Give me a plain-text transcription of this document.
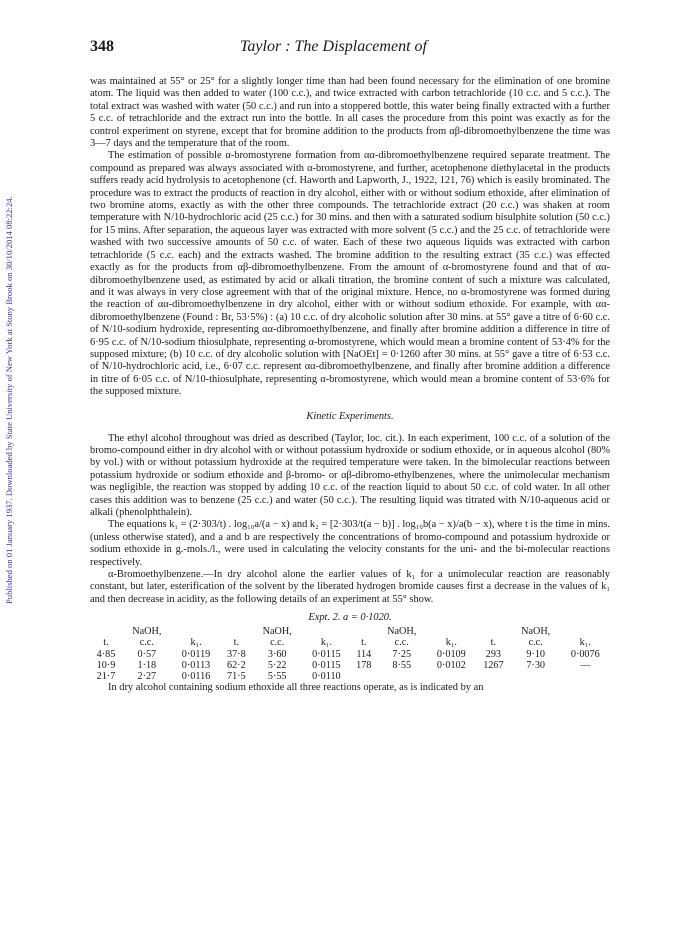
Published on 01 January 1937. Downloaded by State University of New York at Stony Brook on 30/10/2014 08:22:24.
348	Taylor : The Displacement of

was maintained at 55° or 25° for a slightly longer time than had been found necessary for the elimination of one bromine atom. The liquid was then added to water (100 c.c.), and twice extracted with carbon tetrachloride (10 c.c. and 5 c.c.). The total extract was washed with water (50 c.c.) and run into a stoppered bottle, this water being finally extracted with a further 5 c.c. of tetrachloride and the extract run into the bottle. In all cases the procedure from this point was exactly as for the control experiment on styrene, except that for bromine addition to the products from αβ-dibromoethylbenzene the time was 3—7 days and the temperature that of the room.

The estimation of possible α-bromostyrene formation from αα-dibromoethylbenzene required separate treatment. The compound as prepared was always associated with α-bromostyrene, and further, acetophenone diethylacetal in the products suffers ready acid hydrolysis to acetophenone (cf. Haworth and Lapworth, J., 1922, 121, 76) which is easily brominated. The procedure was to extract the products of reaction in dry alcohol, either with or without sodium ethoxide, after elimination of two bromine atoms, exactly as with the other three compounds. The tetrachloride extract (20 c.c.) was shaken at room temperature with N/10-hydrochloric acid (25 c.c.) for 30 mins. and then with a saturated sodium bisulphite solution (50 c.c.) for 15 mins. After separation, the aqueous layer was extracted with more solvent (5 c.c.) and the 25 c.c. of tetrachloride were washed with two successive amounts of 50 c.c. of water. Each of these two aqueous liquids was extracted with carbon tetrachloride (5 c.c. each) and the extracts washed. The bromine addition to the resulting extract (35 c.c.) was effected exactly as for the products from αβ-dibromoethylbenzene. From the amount of α-bromostyrene found and that of αα-dibromoethylbenzene used, as estimated by acid or alkali titration, the bromine content of such a mixture was calculated, and it was always in very close agreement with that of the original mixture. Hence, no α-bromostyrene was formed during the reaction of αα-dibromoethylbenzene in dry alcohol, either with or without sodium ethoxide. For example, with αα-dibromoethylbenzene (Found : Br, 53·5%) : (a) 10 c.c. of dry alcoholic solution after 30 mins. at 55° gave a titre of 6·60 c.c. of N/10-sodium hydroxide, representing αα-dibromoethylbenzene, and finally after bromine addition a difference in titre of 6·95 c.c. of N/10-sodium thiosulphate, representing α-bromostyrene, which would mean a bromine content of 53·4% for the supposed mixture; (b) 10 c.c. of dry alcoholic solution with [NaOEt] = 0·1260 after 30 mins. at 55° gave a titre of 6·53 c.c. of N/10-hydrochloric acid, i.e., 6·07 c.c. represent αα-dibromoethylbenzene, and finally after bromine addition a difference in titre of 6·05 c.c. of N/10-thiosulphate, representing α-bromostyrene, which would mean a bromine content of 53·6% for the supposed mixture.

Kinetic Experiments.

The ethyl alcohol throughout was dried as described (Taylor, loc. cit.). In each experiment, 100 c.c. of a solution of the bromo-compound either in dry alcohol with or without potassium hydroxide or sodium ethoxide, or in aqueous alcohol (80% by vol.) with or without potassium hydroxide at the required temperature were taken. In the bimolecular reactions between potassium hydroxide or sodium ethoxide and β-bromo- or αβ-dibromo-ethylbenzenes, where the unimolecular mechanism was negligible, the reaction was stopped by adding 10 c.c. of the reaction liquid to about 50 c.c. of cold water. In all other cases this addition was to benzene (25 c.c.) and water (50 c.c.). The resulting liquid was titrated with N/10-aqueous acid or alkali (phenolphthalein).

The equations k₁ = (2·303/t) . log₁₀a/(a − x) and k₂ = [2·303/t(a − b)] . log₁₀b(a − x)/a(b − x), where t is the time in mins. (unless otherwise stated), and a and b are respectively the concentrations of bromo-compound and potassium hydroxide or sodium ethoxide in g.-mols./l., were used in calculating the velocity constants for the uni- and the bi-molecular reactions respectively.

α-Bromoethylbenzene.—In dry alcohol alone the earlier values of k₁ for a unimolecular reaction are reasonably constant, but later, esterification of the solvent by the liberated hydrogen bromide causes first a decrease in the values of k₁ and then decrease in acidity, as the following details of an experiment at 55° show.

Expt. 2. a = 0·1020.
	NaOH,			NaOH,			NaOH,			NaOH,	
t.	c.c.	k₁.	t.	c.c.	k₁.	t.	c.c.	k₁.	t.	c.c.	k₁.
4·85	0·57	0·0119	37·8	3·60	0·0115	114	7·25	0·0109	293	9·10	0·0076
10·9	1·18	0·0113	62·2	5·22	0·0115	178	8·55	0·0102	1267	7·30	—
21·7	2·27	0·0116	71·5	5·55	0·0110						

In dry alcohol containing sodium ethoxide all three reactions operate, as is indicated by an
